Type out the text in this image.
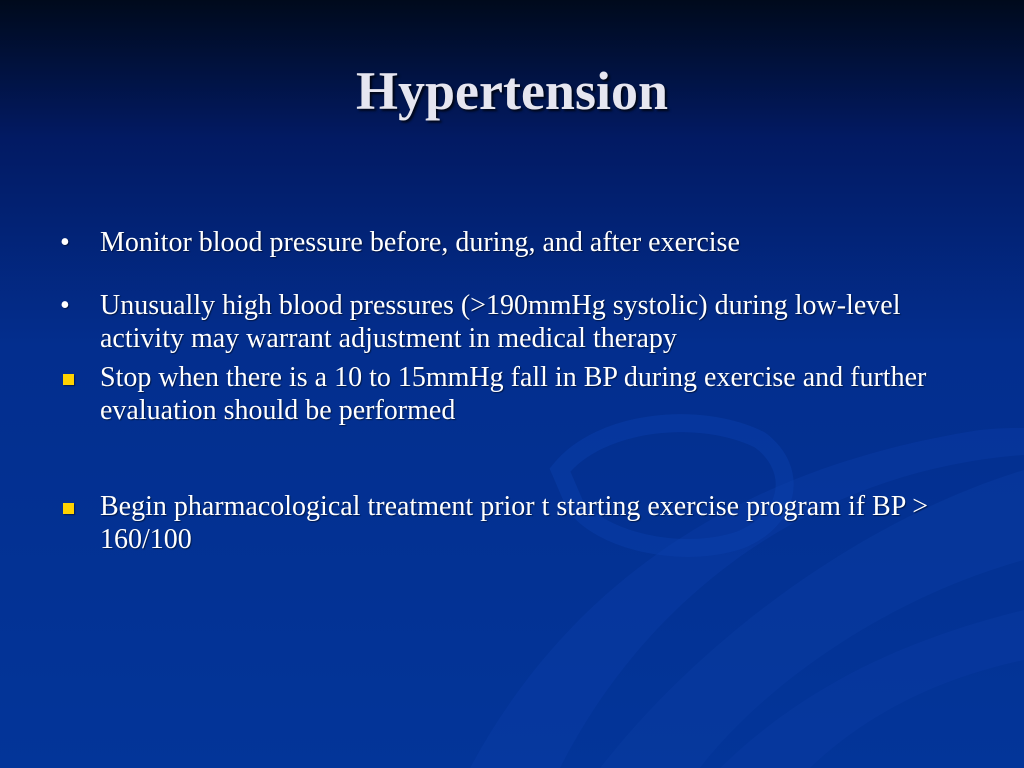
Hypertension
•	Monitor blood pressure before, during, and after exercise
•	Unusually high blood pressures (>190mmHg systolic) during low-level activity may warrant adjustment in medical therapy
Stop when there is a 10 to 15mmHg fall in BP during exercise and further evaluation should be performed
Begin pharmacological treatment prior t starting exercise program if BP > 160/100
